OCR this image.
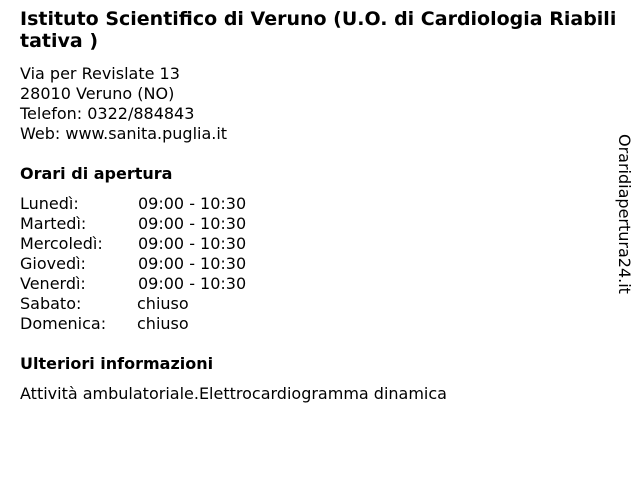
Istituto Scientifico di Veruno (U.O. di Cardiologia Riabilitativa )
Via per Revislate 13
28010 Veruno (NO)
Telefon: 0322/884843
Web: www.sanita.puglia.it
Orari di apertura
Lunedì:	09:00 - 10:30
Martedì:	09:00 - 10:30
Mercoledì: 09:00 - 10:30
Giovedì:	09:00 - 10:30
Venerdì:	09:00 - 10:30
Sabato:	chiuso
Domenica: chiuso
Ulteriori informazioni
Attività ambulatoriale.Elettrocardiogramma dinamica
Oraridiapertura24.it
